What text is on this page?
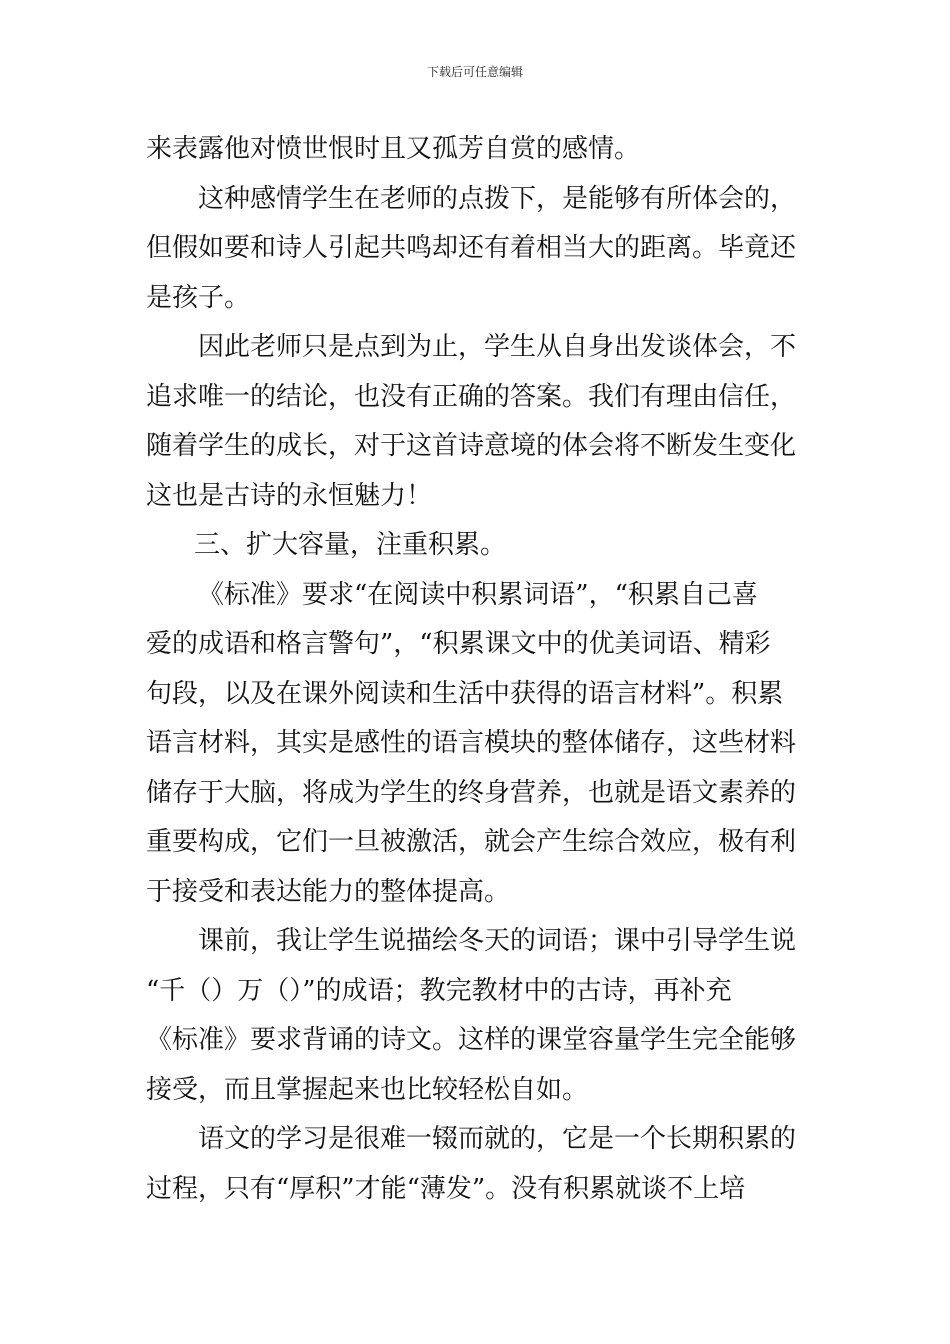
下载后可任意编辑
来表露他对愤世恨时且又孤芳自赏的感情。
这种感情学生在老师的点拨下，是能够有所体会的，
但假如要和诗人引起共鸣却还有着相当大的距离。毕竟还
是孩子。
因此老师只是点到为止，学生从自身出发谈体会，不
追求唯一的结论，也没有正确的答案。我们有理由信任，
随着学生的成长，对于这首诗意境的体会将不断发生变化
这也是古诗的永恒魅力！
三、扩大容量，注重积累。
《标准》要求“在阅读中积累词语”，“积累自己喜
爱的成语和格言警句”，“积累课文中的优美词语、精彩
句段，以及在课外阅读和生活中获得的语言材料”。积累
语言材料，其实是感性的语言模块的整体储存，这些材料
储存于大脑，将成为学生的终身营养，也就是语文素养的
重要构成，它们一旦被激活，就会产生综合效应，极有利
于接受和表达能力的整体提高。
课前，我让学生说描绘冬天的词语；课中引导学生说
“千（）万（）”的成语；教完教材中的古诗，再补充
《标准》要求背诵的诗文。这样的课堂容量学生完全能够
接受，而且掌握起来也比较轻松自如。
语文的学习是很难一辍而就的，它是一个长期积累的
过程，只有“厚积”才能“薄发”。没有积累就谈不上培
